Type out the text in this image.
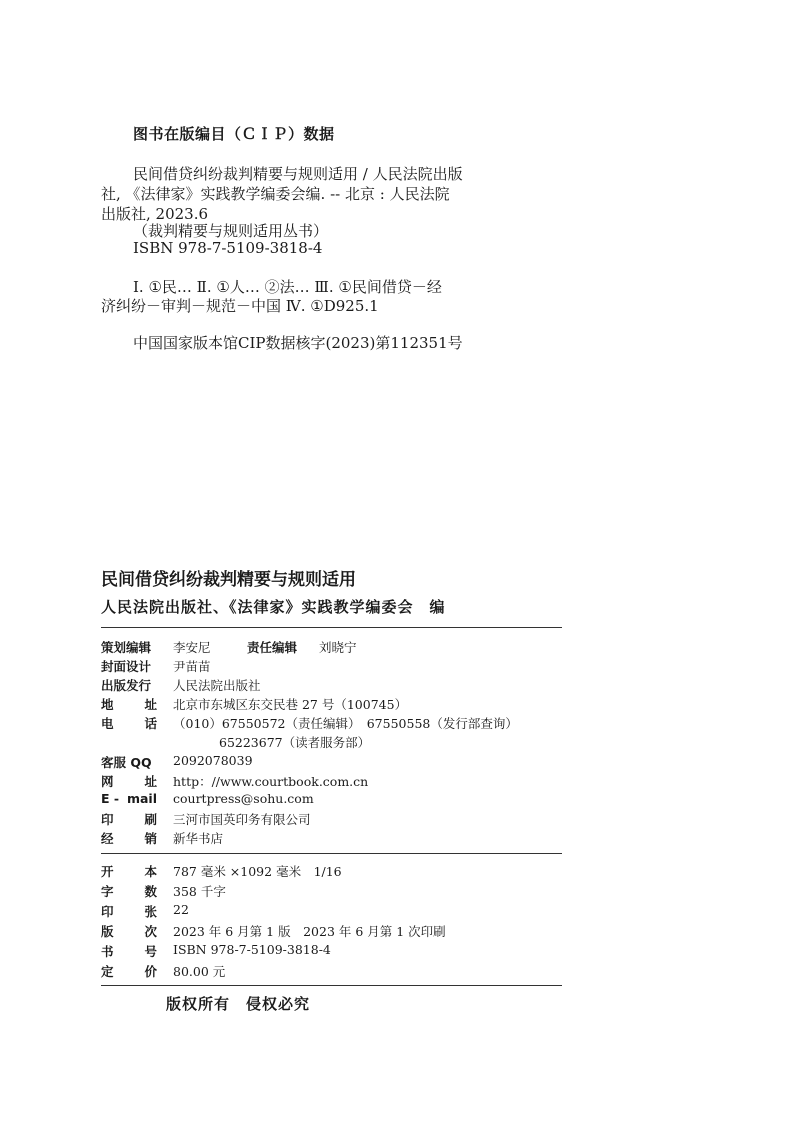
图书在版编目（ＣＩＰ）数据
民间借贷纠纷裁判精要与规则适用 / 人民法院出版
社, 《法律家》实践教学编委会编. -- 北京 : 人民法院
出版社, 2023.6
（裁判精要与规则适用丛书）
ISBN 978-7-5109-3818-4
Ⅰ. ①民… Ⅱ. ①人… ②法… Ⅲ. ①民间借贷－经
济纠纷－审判－规范－中国 Ⅳ. ①D925.1
中国国家版本馆CIP数据核字(2023)第112351号
民间借贷纠纷裁判精要与规则适用
人民法院出版社、《法律家》实践教学编委会　编
策划编辑	李安尼	责任编辑 刘晓宁
封面设计	尹苗苗
出版发行	人民法院出版社
地 址 北京市东城区东交民巷 27 号（100745）
电 话 （010）67550572（责任编辑）　67550558（发行部查询）
65223677（读者服务部）
客服 QQ	2092078039
网 址 http：//www.courtbook.com.cn
E - mail courtpress@sohu.com
印 刷 三河市国英印务有限公司
经 销 新华书店
开 本 787 毫米 ×1092 毫米　1/16
字 数 358 千字
印 张 22
版 次 2023 年 6 月第 1 版　2023 年 6 月第 1 次印刷
书 号 ISBN 978-7-5109-3818-4
定 价 80.00 元
版权所有　侵权必究
